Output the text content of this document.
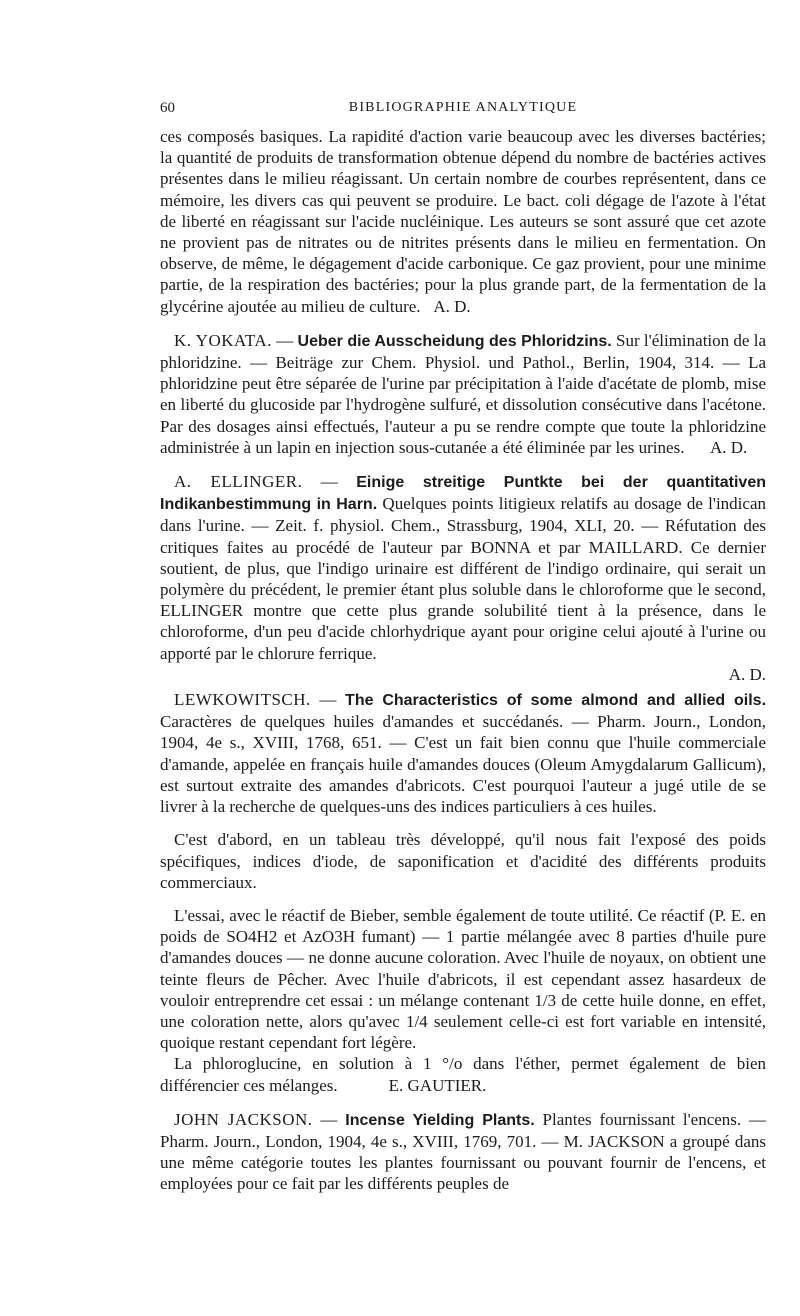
60	BIBLIOGRAPHIE ANALYTIQUE

ces composés basiques. La rapidité d'action varie beaucoup avec les diverses bactéries; la quantité de produits de transformation obtenue dépend du nombre de bactéries actives présentes dans le milieu réagissant. Un certain nombre de courbes représentent, dans ce mémoire, les divers cas qui peuvent se produire. Le bact. coli dégage de l'azote à l'état de liberté en réagissant sur l'acide nucléinique. Les auteurs se sont assuré que cet azote ne provient pas de nitrates ou de nitrites présents dans le milieu en fermentation. On observe, de même, le dégagement d'acide carbonique. Ce gaz provient, pour une minime partie, de la respiration des bactéries; pour la plus grande part, de la fermentation de la glycérine ajoutée au milieu de culture. A. D.

K. YOKATA. — Ueber die Ausscheidung des Phloridzins. Sur l'élimination de la phloridzine. — Beiträge zur Chem. Physiol. und Pathol., Berlin, 1904, 314. — La phloridzine peut être séparée de l'urine par précipitation à l'aide d'acétate de plomb, mise en liberté du glucoside par l'hydrogène sulfuré, et dissolution consécutive dans l'acétone. Par des dosages ainsi effectués, l'auteur a pu se rendre compte que toute la phloridzine administrée à un lapin en injection sous-cutanée a été éliminée par les urines. A. D.

A. ELLINGER. — Einige streitige Puntkte bei der quantitativen Indikanbestimmung in Harn. Quelques points litigieux relatifs au dosage de l'indican dans l'urine. — Zeit. f. physiol. Chem., Strassburg, 1904, XLI, 20. — Réfutation des critiques faites au procédé de l'auteur par BONNA et par MAILLARD. Ce dernier soutient, de plus, que l'indigo urinaire est différent de l'indigo ordinaire, qui serait un polymère du précédent, le premier étant plus soluble dans le chloroforme que le second, ELLINGER montre que cette plus grande solubilité tient à la présence, dans le chloroforme, d'un peu d'acide chlorhydrique ayant pour origine celui ajouté à l'urine ou apporté par le chlorure ferrique.

A. D.

LEWKOWITSCH. — The Characteristics of some almond and allied oils. Caractères de quelques huiles d'amandes et succédanés. — Pharm. Journ., London, 1904, 4e s., XVIII, 1768, 651. — C'est un fait bien connu que l'huile commerciale d'amande, appelée en français huile d'amandes douces (Oleum Amygdalarum Gallicum), est surtout extraite des amandes d'abricots. C'est pourquoi l'auteur a jugé utile de se livrer à la recherche de quelques-uns des indices particuliers à ces huiles.

C'est d'abord, en un tableau très développé, qu'il nous fait l'exposé des poids spécifiques, indices d'iode, de saponification et d'acidité des différents produits commerciaux.

L'essai, avec le réactif de Bieber, semble également de toute utilité. Ce réactif (P. E. en poids de SO4H2 et AzO3H fumant) — 1 partie mélangée avec 8 parties d'huile pure d'amandes douces — ne donne aucune coloration. Avec l'huile de noyaux, on obtient une teinte fleurs de Pêcher. Avec l'huile d'abricots, il est cependant assez hasardeux de vouloir entreprendre cet essai : un mélange contenant 1/3 de cette huile donne, en effet, une coloration nette, alors qu'avec 1/4 seulement celle-ci est fort variable en intensité, quoique restant cependant fort légère.

La phloroglucine, en solution à 1 °/o dans l'éther, permet également de bien différencier ces mélanges.	E. GAUTIER.

JOHN JACKSON. — Incense Yielding Plants. Plantes fournissant l'encens. — Pharm. Journ., London, 1904, 4e s., XVIII, 1769, 701. — M. JACKSON a groupé dans une même catégorie toutes les plantes fournissant ou pouvant fournir de l'encens, et employées pour ce fait par les différents peuples de
